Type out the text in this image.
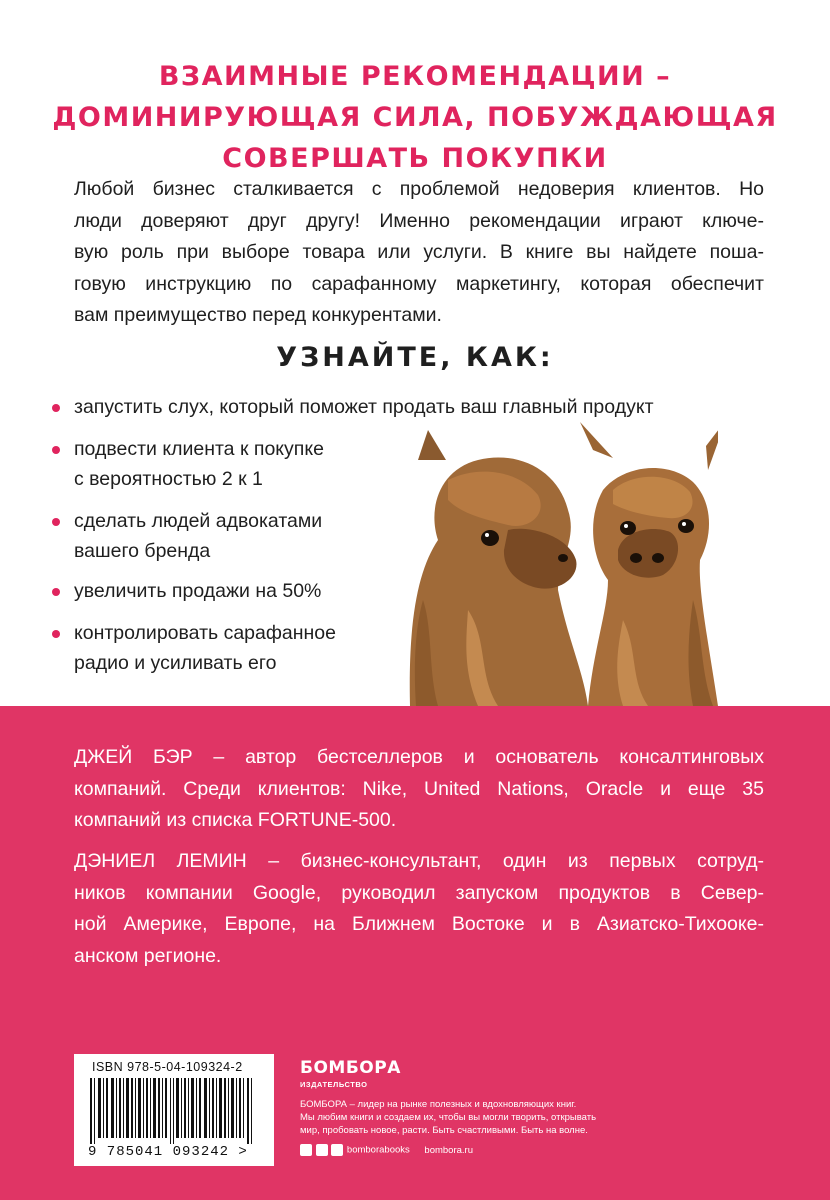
ВЗАИМНЫЕ РЕКОМЕНДАЦИИ –
ДОМИНИРУЮЩАЯ СИЛА, ПОБУЖДАЮЩАЯ
СОВЕРШАТЬ ПОКУПКИ
Любой бизнес сталкивается с проблемой недоверия клиентов. Но
люди доверяют друг другу! Именно рекомендации играют ключе-
вую роль при выборе товара или услуги. В книге вы найдете поша-
говую инструкцию по сарафанному маркетингу, которая обеспечит
вам преимущество перед конкурентами.
УЗНАЙТЕ, КАК:
запустить слух, который поможет продать ваш главный продукт
подвести клиента к покупке
с вероятностью 2 к 1
сделать людей адвокатами
вашего бренда
увеличить продажи на 50%
контролировать сарафанное
радио и усиливать его
ДЖЕЙ БЭР – автор бестселлеров и основатель консалтинговых
компаний. Среди клиентов: Nike, United Nations, Oracle и еще 35
компаний из списка FORTUNE-500.
ДЭНИЕЛ ЛЕМИН – бизнес-консультант, один из первых сотруд-
ников компании Google, руководил запуском продуктов в Север-
ной Америке, Европе, на Ближнем Востоке и в Азиатско-Тихооке-
анском регионе.
ISBN 978-5-04-109324-2
9 785041 093242 >
БОМБОРА
ИЗДАТЕЛЬСТВО
БОМБОРА – лидер на рынке полезных и вдохновляющих книг.
Мы любим книги и создаем их, чтобы вы могли творить, открывать
мир, пробовать новое, расти. Быть счастливыми. Быть на волне.
bomborabooks bombora.ru
